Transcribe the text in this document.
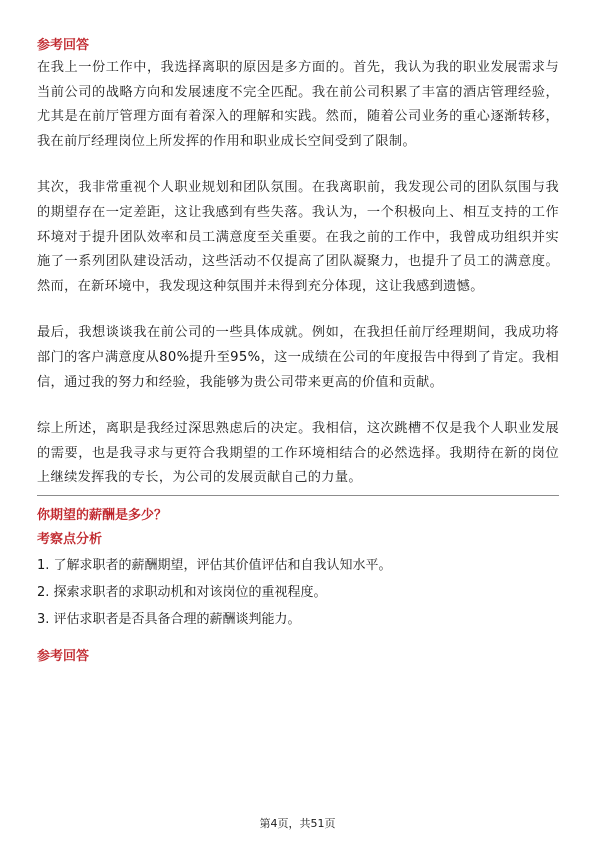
参考回答

在我上一份工作中，我选择离职的原因是多方面的。首先，我认为我的职业发展需求与当前公司的战略方向和发展速度不完全匹配。我在前公司积累了丰富的酒店管理经验，尤其是在前厅管理方面有着深入的理解和实践。然而，随着公司业务的重心逐渐转移，我在前厅经理岗位上所发挥的作用和职业成长空间受到了限制。

其次，我非常重视个人职业规划和团队氛围。在我离职前，我发现公司的团队氛围与我的期望存在一定差距，这让我感到有些失落。我认为，一个积极向上、相互支持的工作环境对于提升团队效率和员工满意度至关重要。在我之前的工作中，我曾成功组织并实施了一系列团队建设活动，这些活动不仅提高了团队凝聚力，也提升了员工的满意度。然而，在新环境中，我发现这种氛围并未得到充分体现，这让我感到遗憾。

最后，我想谈谈我在前公司的一些具体成就。例如，在我担任前厅经理期间，我成功将部门的客户满意度从80%提升至95%，这一成绩在公司的年度报告中得到了肯定。我相信，通过我的努力和经验，我能够为贵公司带来更高的价值和贡献。

综上所述，离职是我经过深思熟虑后的决定。我相信，这次跳槽不仅是我个人职业发展的需要，也是我寻求与更符合我期望的工作环境相结合的必然选择。我期待在新的岗位上继续发挥我的专长，为公司的发展贡献自己的力量。

你期望的薪酬是多少？

考察点分析

1. 了解求职者的薪酬期望，评估其价值评估和自我认知水平。

2. 探索求职者的求职动机和对该岗位的重视程度。

3. 评估求职者是否具备合理的薪酬谈判能力。

参考回答

第4页，共51页
